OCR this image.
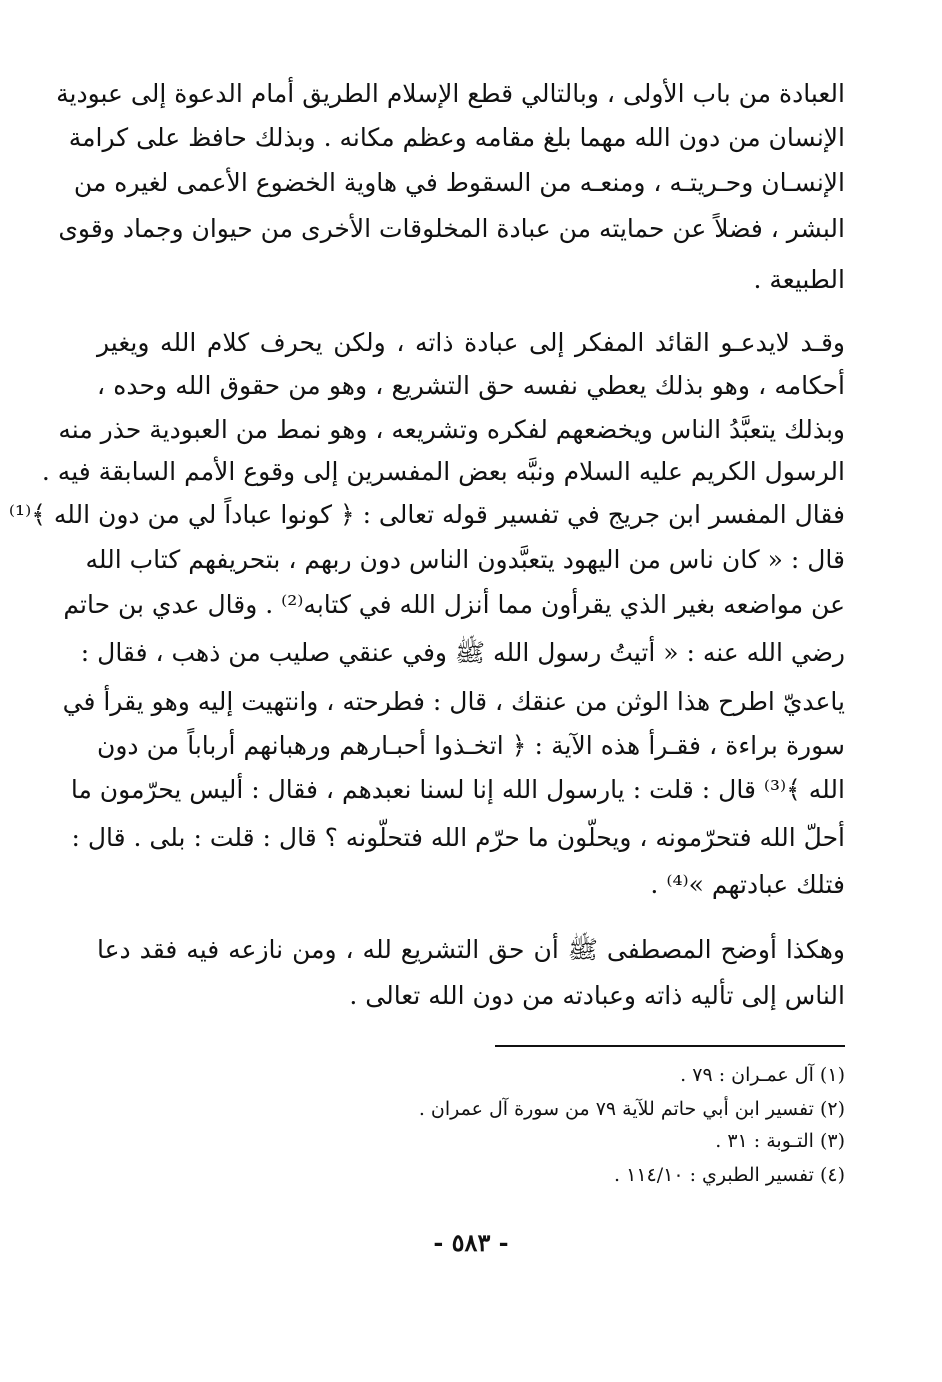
العبادة من باب الأولى ، وبالتالي قطع الإسلام الطريق أمام الدعوة إلى عبودية
الإنسان من دون الله مهما بلغ مقامه وعظم مكانه . وبذلك حافظ على كرامة
الإنسـان وحـريتـه ، ومنعـه من السقوط في هاوية الخضوع الأعمى لغيره من
البشر ، فضلاً عن حمايته من عبادة المخلوقات الأخرى من حيوان وجماد وقوى
الطبيعة .
وقـد لايدعـو القائد المفكر إلى عبادة ذاته ، ولكن يحرف كلام الله ويغير
أحكامه ، وهو بذلك يعطي نفسه حق التشريع ، وهو من حقوق الله وحده ،
وبذلك يتعبَّدُ الناس ويخضعهم لفكره وتشريعه ، وهو نمط من العبودية حذر منه
الرسول الكريم عليه السلام ونبَّه بعض المفسرين إلى وقوع الأمم السابقة فيه .
فقال المفسر ابن جريج في تفسير قوله تعالى : ﴿ كونوا عباداً لي من دون الله ﴾⁽¹⁾
قال : « كان ناس من اليهود يتعبَّدون الناس دون ربهم ، بتحريفهم كتاب الله
عن مواضعه بغير الذي يقرأون مما أنزل الله في كتابه⁽²⁾ . وقال عدي بن حاتم
رضي الله عنه : « أتيتُ رسول الله ﷺ وفي عنقي صليب من ذهب ، فقال :
ياعديّ اطرح هذا الوثن من عنقك ، قال : فطرحته ، وانتهيت إليه وهو يقرأ في
سورة براءة ، فقـرأ هذه الآية : ﴿ اتخـذوا أحبـارهم ورهبانهم أرباباً من دون
الله ﴾⁽³⁾ قال : قلت : يارسول الله إنا لسنا نعبدهم ، فقال : أليس يحرّمون ما
أحلّ الله فتحرّمونه ، ويحلّون ما حرّم الله فتحلّونه ؟ قال : قلت : بلى . قال :
فتلك عبادتهم »⁽⁴⁾ .
وهكذا أوضح المصطفى ﷺ أن حق التشريع لله ، ومن نازعه فيه فقد دعا
الناس إلى تأليه ذاته وعبادته من دون الله تعالى .
(١) آل عمـران : ٧٩ .
(٢) تفسير ابن أبي حاتم للآية ٧٩ من سورة آل عمران .
(٣) التـوبة : ٣١ .
(٤) تفسير الطبري : ١١٤/١٠ .
- ٥٨٣ -
